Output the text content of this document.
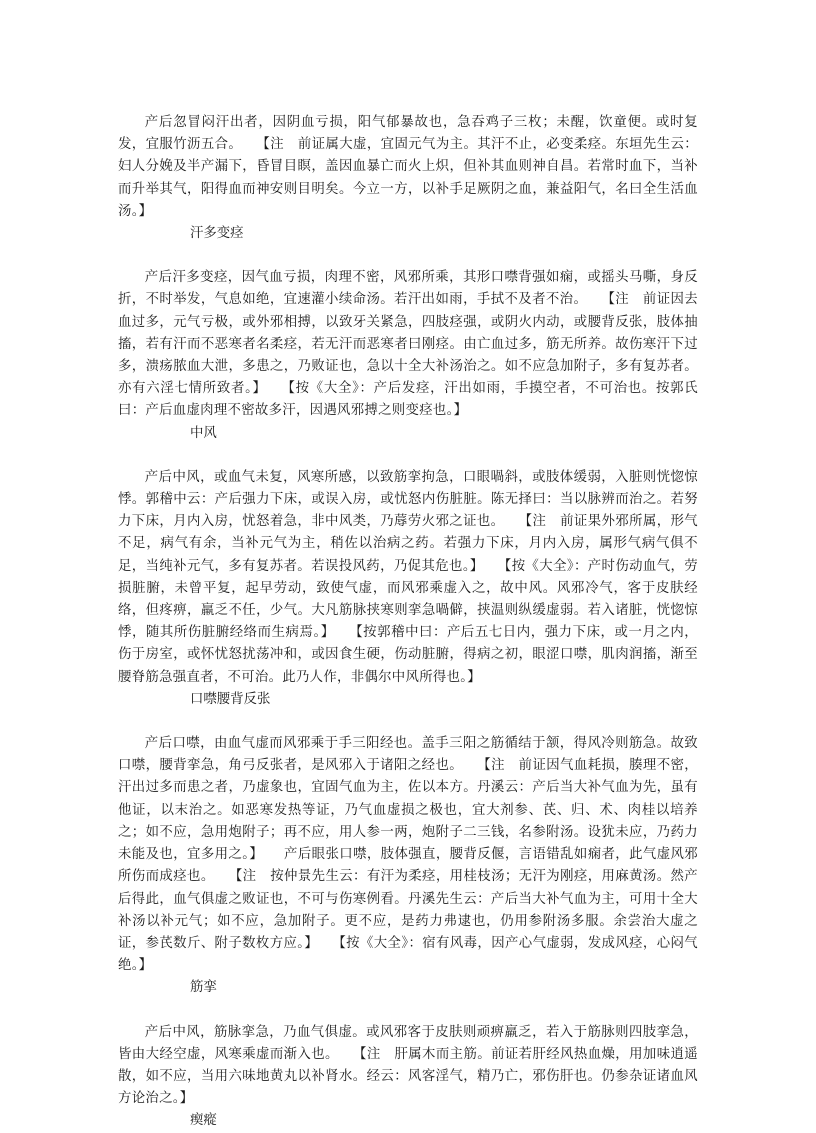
产后忽冒闷汗出者，因阴血亏损，阳气郁暴故也，急吞鸡子三枚；未醒，饮童便。或时复发，宜服竹沥五合。　　【注　前证属大虚，宜固元气为主。其汗不止，必变柔痉。东垣先生云：妇人分娩及半产漏下，昏冒目瞑，盖因血暴亡而火上炽，但补其血则神自昌。若常时血下，当补而升举其气，阳得血而神安则目明矣。今立一方，以补手足厥阴之血，兼益阳气，名曰全生活血汤。】

汗多变痉

产后汗多变痉，因气血亏损，肉理不密，风邪所乘，其形口噤背强如痫，或摇头马嘶，身反折，不时举发，气息如绝，宜速灌小续命汤。若汗出如雨，手拭不及者不治。　　【注　前证因去血过多，元气亏极，或外邪相搏，以致牙关紧急，四肢痉强，或阴火内动，或腰背反张，肢体抽搐，若有汗而不恶寒者名柔痉，若无汗而恶寒者曰刚痉。由亡血过多，筋无所养。故伤寒汗下过多，溃疡脓血大泄，多患之，乃败证也，急以十全大补汤治之。如不应急加附子，多有复苏者。亦有六淫七情所致者。】　　【按《大全》：产后发痉，汗出如雨，手摸空者，不可治也。按郭氏曰：产后血虚肉理不密故多汗，因遇风邪搏之则变痉也。】

中风

产后中风，或血气未复，风寒所感，以致筋挛拘急，口眼喎斜，或肢体缓弱，入脏则恍惚惊悸。郭稽中云：产后强力下床，或误入房，或忧怒内伤脏脏。陈无择曰：当以脉辨而治之。若努力下床，月内入房，忧怒着急，非中风类，乃蓐劳火邪之证也。　　【注　前证果外邪所属，形气不足，病气有余，当补元气为主，稍佐以治病之药。若强力下床，月内入房，属形气病气俱不足，当纯补元气，多有复苏者。若误投风药，乃促其危也。】　　【按《大全》：产时伤动血气，劳损脏腑，未曾平复，起早劳动，致使气虚，而风邪乘虚入之，故中风。风邪冷气，客于皮肤经络，但疼痹，羸乏不任，少气。大凡筋脉挟寒则挛急喎僻，挟温则纵缓虚弱。若入诸脏，恍惚惊悸，随其所伤脏腑经络而生病焉。】　　【按郭稽中曰：产后五七日内，强力下床，或一月之内，伤于房室，或怀忧怒扰荡冲和，或因食生硬，伤动脏腑，得病之初，眼涩口噤，肌肉润搐，渐至腰脊筋急强直者，不可治。此乃人作，非偶尔中风所得也。】

口噤腰背反张

产后口噤，由血气虚而风邪乘于手三阳经也。盖手三阳之筋循结于颔，得风冷则筋急。故致口噤，腰背挛急，角弓反张者，是风邪入于诸阳之经也。　　【注　前证因气血耗损，腠理不密，汗出过多而患之者，乃虚象也，宜固气血为主，佐以本方。丹溪云：产后当大补气血为先，虽有他证，以末治之。如恶寒发热等证，乃气血虚损之极也，宜大剂参、芪、归、术、肉桂以培养之；如不应，急用炮附子；再不应，用人参一两，炮附子二三钱，名参附汤。设犹未应，乃药力未能及也，宜多用之。】　　产后眼张口噤，肢体强直，腰背反偃，言语错乱如痫者，此气虚风邪所伤而成痉也。　　【注　按仲景先生云：有汗为柔痉，用桂枝汤；无汗为刚痉，用麻黄汤。然产后得此，血气俱虚之败证也，不可与伤寒例看。丹溪先生云：产后当大补气血为主，可用十全大补汤以补元气；如不应，急加附子。更不应，是药力弗逮也，仍用参附汤多服。余尝治大虚之证，参芪数斤、附子数枚方应。】　　【按《大全》：宿有风毒，因产心气虚弱，发成风痉，心闷气绝。】

筋挛

产后中风，筋脉挛急，乃血气俱虚。或风邪客于皮肤则顽痹羸乏，若入于筋脉则四肢挛急，皆由大经空虚，风寒乘虚而渐入也。　　【注　肝属木而主筋。前证若肝经风热血燥，用加味逍遥散，如不应，当用六味地黄丸以补肾水。经云：风客淫气，精乃亡，邪伤肝也。仍参杂证诸血风方论治之。】

瘈瘲
